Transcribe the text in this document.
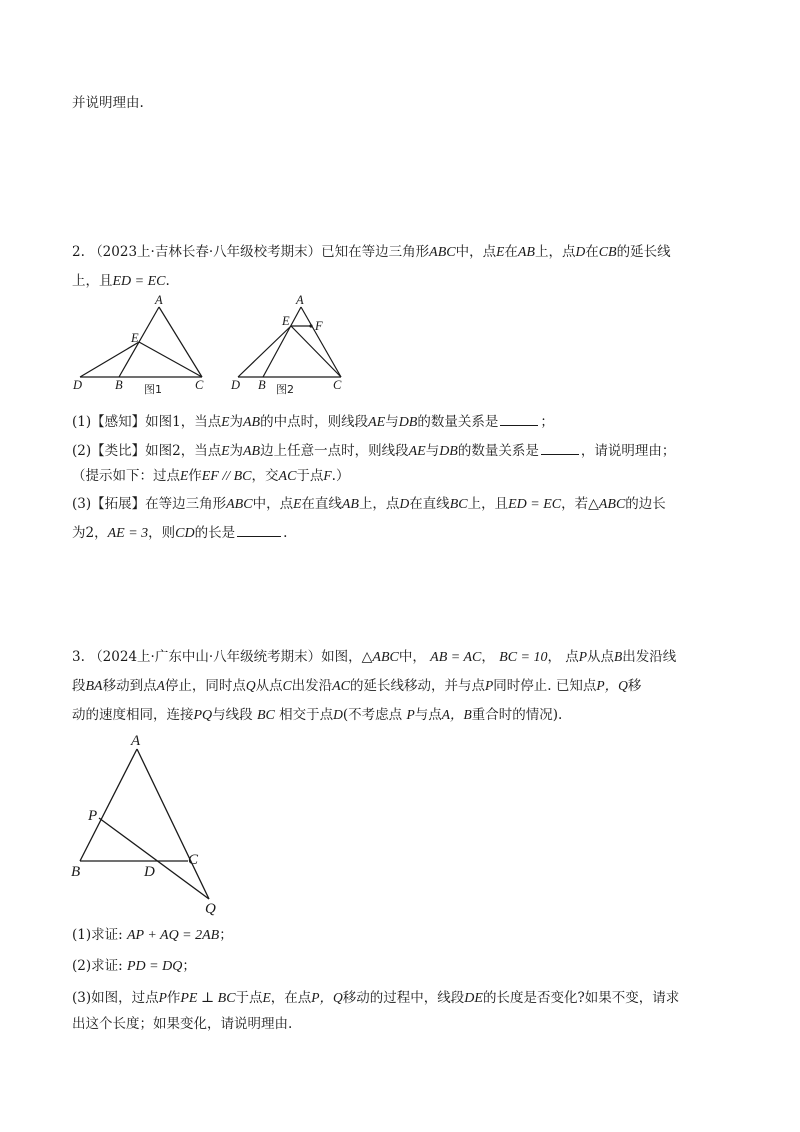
并说明理由.
2. （2023上·吉林长春·八年级校考期末）已知在等边三角形ABC中，点E在AB上，点D在CB的延长线
上，且ED = EC.
A
E
D	B	C
图1
A
E F
D B	C
图2
A
P
B	D
C
Q
(1)【感知】如图1，当点E为AB的中点时，则线段AE与DB的数量关系是	；
(2)【类比】如图2，当点E为AB边上任意一点时，则线段AE与DB的数量关系是	，请说明理由；
（提示如下：过点E作EF // BC，交AC于点F.）
(3)【拓展】在等边三角形ABC中，点E在直线AB上，点D在直线BC上，且ED = EC，若△ABC的边长
为2，AE = 3，则CD的长是	.
3. （2024上·广东中山·八年级统考期末）如图，△ABC中， AB = AC， BC = 10， 点P从点B出发沿线
段BA移动到点A停止，同时点Q从点C出发沿AC的延长线移动，并与点P同时停止. 已知点P，Q移
动的速度相同，连接PQ与线段 BC 相交于点D(不考虑点 P与点A，B重合时的情况).
(1)求证: AP + AQ = 2AB；
(2)求证: PD = DQ；
(3)如图，过点P作PE ⊥ BC于点E，在点P，Q移动的过程中，线段DE的长度是否变化?如果不变，请求
出这个长度；如果变化，请说明理由.
